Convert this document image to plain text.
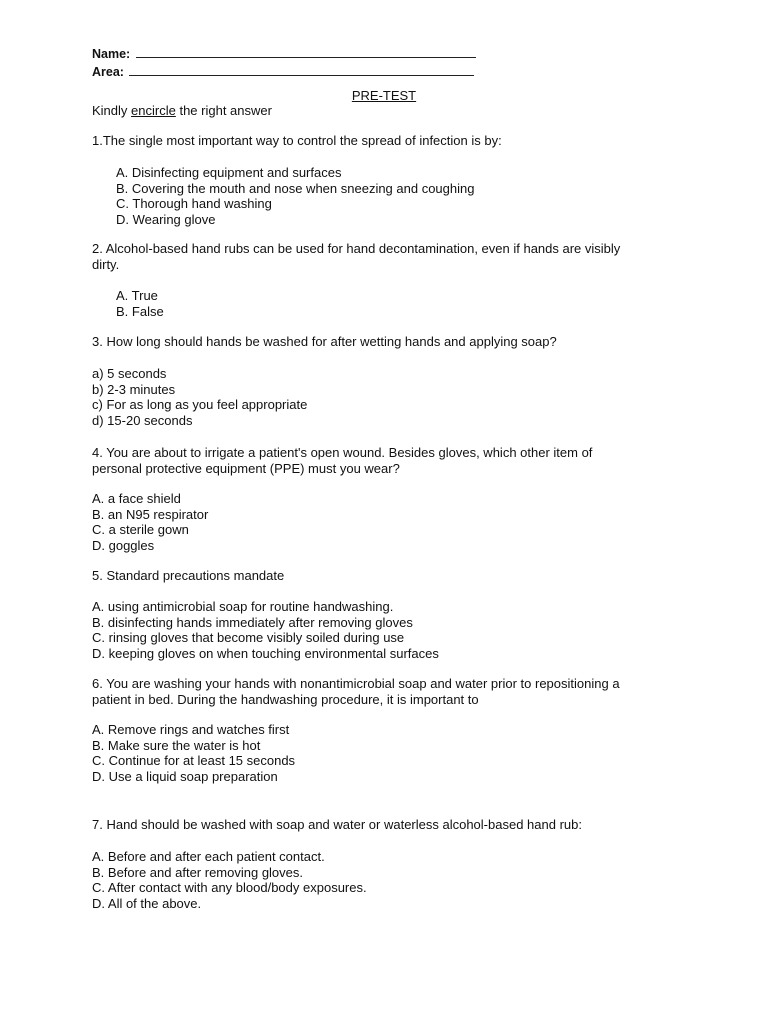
Name:
Area:
PRE-TEST
Kindly encircle the right answer
1.The single most important way to control the spread of infection is by:
A. Disinfecting equipment and surfaces
B. Covering the mouth and nose when sneezing and coughing
C. Thorough hand washing
D. Wearing glove
2. Alcohol-based hand rubs can be used for hand decontamination, even if hands are visibly
dirty.
A. True
B. False
3. How long should hands be washed for after wetting hands and applying soap?
a) 5 seconds
b) 2-3 minutes
c) For as long as you feel appropriate
d) 15-20 seconds
4. You are about to irrigate a patient's open wound. Besides gloves, which other item of
personal protective equipment (PPE) must you wear?
A. a face shield
B. an N95 respirator
C. a sterile gown
D. goggles
5. Standard precautions mandate
A. using antimicrobial soap for routine handwashing.
B. disinfecting hands immediately after removing gloves
C. rinsing gloves that become visibly soiled during use
D. keeping gloves on when touching environmental surfaces
6. You are washing your hands with nonantimicrobial soap and water prior to repositioning a
patient in bed. During the handwashing procedure, it is important to
A. Remove rings and watches first
B. Make sure the water is hot
C. Continue for at least 15 seconds
D. Use a liquid soap preparation
7. Hand should be washed with soap and water or waterless alcohol-based hand rub:
A. Before and after each patient contact.
B. Before and after removing gloves.
C. After contact with any blood/body exposures.
D. All of the above.
